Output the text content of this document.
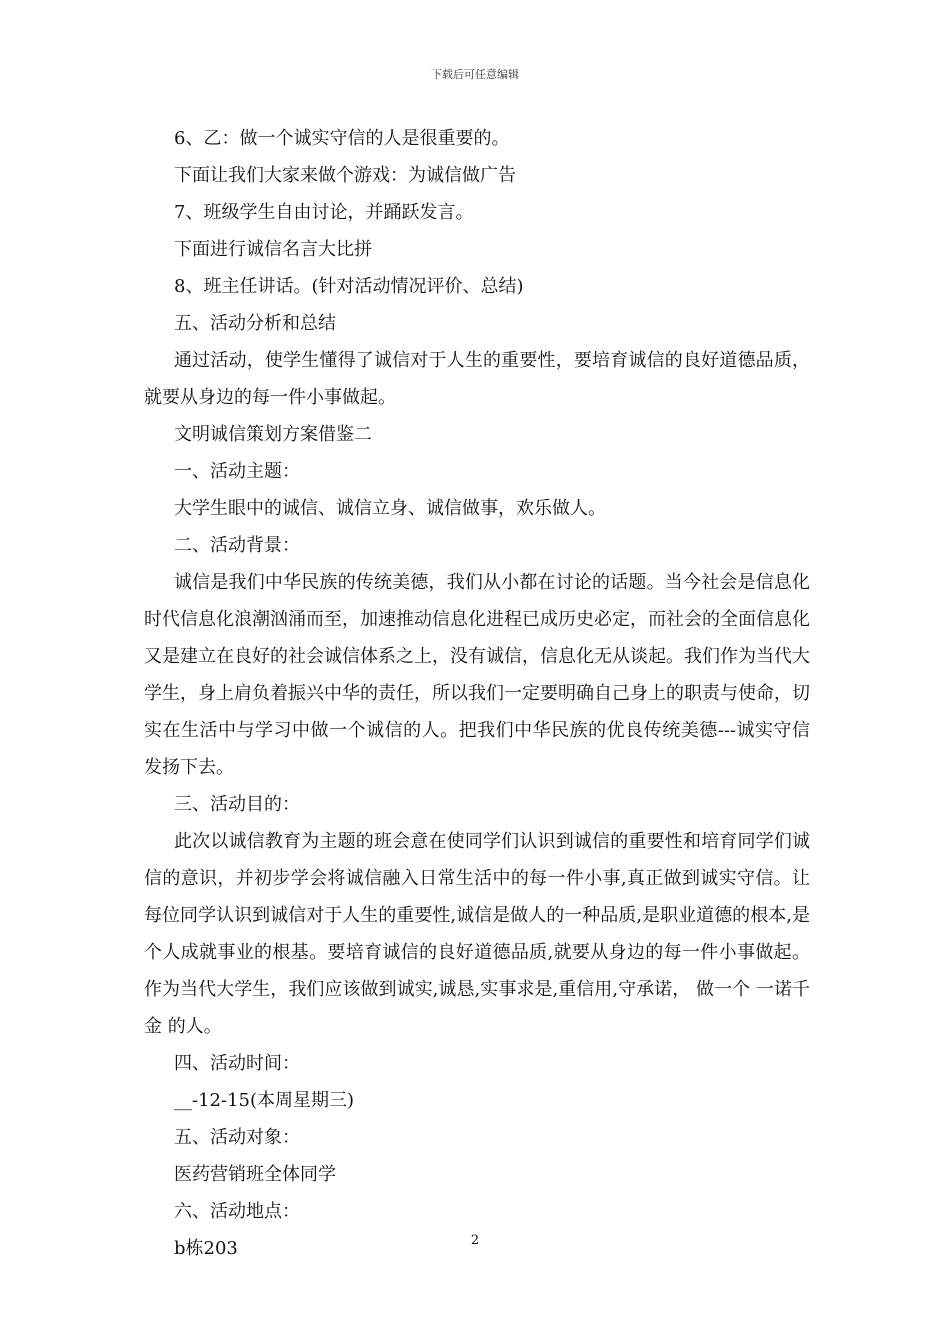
下载后可任意编辑

6、乙：做一个诚实守信的人是很重要的。

下面让我们大家来做个游戏：为诚信做广告

7、班级学生自由讨论，并踊跃发言。

下面进行诚信名言大比拼

8、班主任讲话。(针对活动情况评价、总结)

五、活动分析和总结

通过活动，使学生懂得了诚信对于人生的重要性，要培育诚信的良好道德品质，就要从身边的每一件小事做起。

文明诚信策划方案借鉴二

一、活动主题：

大学生眼中的诚信、诚信立身、诚信做事，欢乐做人。

二、活动背景：

诚信是我们中华民族的传统美德，我们从小都在讨论的话题。当今社会是信息化时代信息化浪潮汹涌而至，加速推动信息化进程已成历史必定，而社会的全面信息化又是建立在良好的社会诚信体系之上，没有诚信，信息化无从谈起。我们作为当代大学生，身上肩负着振兴中华的责任，所以我们一定要明确自己身上的职责与使命，切实在生活中与学习中做一个诚信的人。把我们中华民族的优良传统美德---诚实守信发扬下去。

三、活动目的：

此次以诚信教育为主题的班会意在使同学们认识到诚信的重要性和培育同学们诚信的意识，并初步学会将诚信融入日常生活中的每一件小事,真正做到诚实守信。让每位同学认识到诚信对于人生的重要性,诚信是做人的一种品质,是职业道德的根本,是个人成就事业的根基。要培育诚信的良好道德品质,就要从身边的每一件小事做起。作为当代大学生，我们应该做到诚实,诚恳,实事求是,重信用,守承诺， 做一个 一诺千金 的人。

四、活动时间：

__-12-15(本周星期三)

五、活动对象：

医药营销班全体同学

六、活动地点：

b栋203	2
